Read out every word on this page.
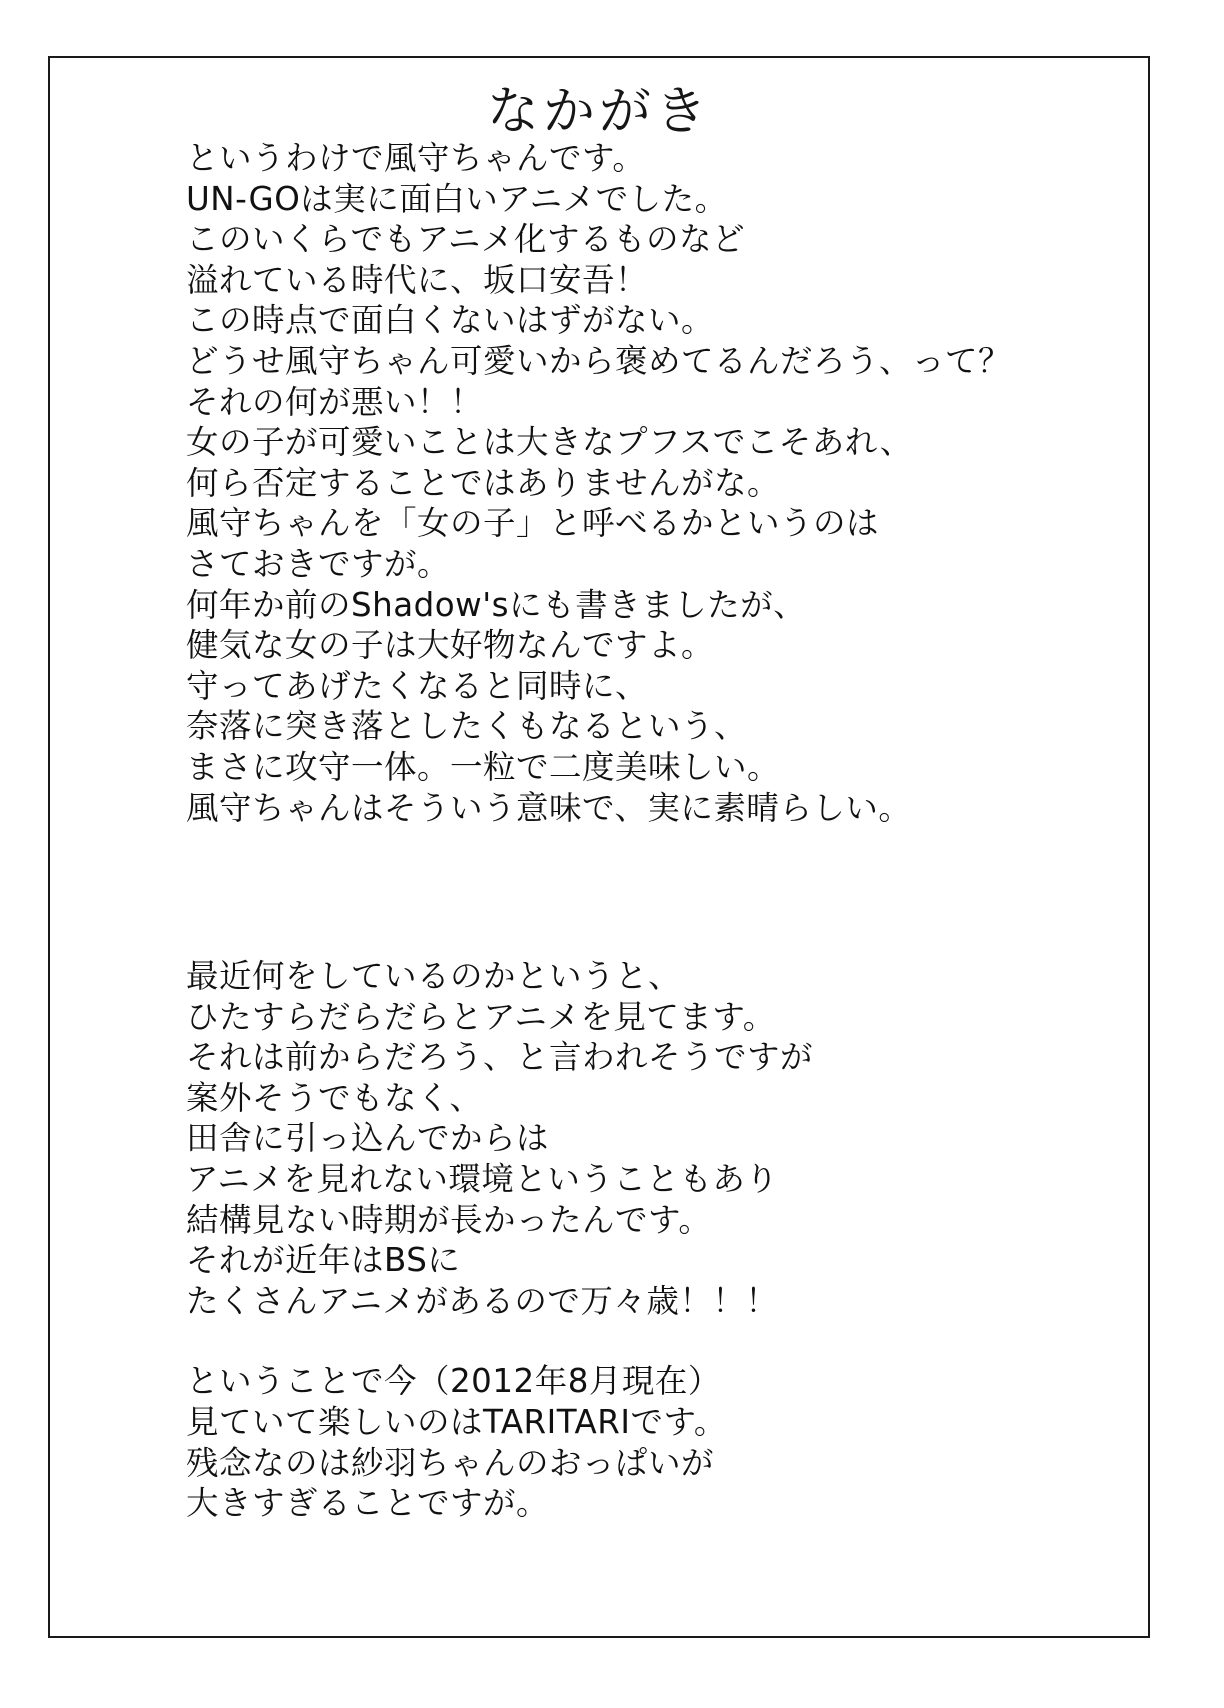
なかがき
というわけで風守ちゃんです。
UN-GOは実に面白いアニメでした。
このいくらでもアニメ化するものなど
溢れている時代に、坂口安吾！
この時点で面白くないはずがない。
どうせ風守ちゃん可愛いから褒めてるんだろう、って？
それの何が悪い！！
女の子が可愛いことは大きなプフスでこそあれ、
何ら否定することではありませんがな。
風守ちゃんを「女の子」と呼べるかというのは
さておきですが。
何年か前のShadow'sにも書きましたが、
健気な女の子は大好物なんですよ。
守ってあげたくなると同時に、
奈落に突き落としたくもなるという、
まさに攻守一体。一粒で二度美味しい。
風守ちゃんはそういう意味で、実に素晴らしい。
最近何をしているのかというと、
ひたすらだらだらとアニメを見てます。
それは前からだろう、と言われそうですが
案外そうでもなく、
田舎に引っ込んでからは
アニメを見れない環境ということもあり
結構見ない時期が長かったんです。
それが近年はBSに
たくさんアニメがあるので万々歳！！！
ということで今（2012年8月現在）
見ていて楽しいのはTARITARIです。
残念なのは紗羽ちゃんのおっぱいが
大きすぎることですが。
